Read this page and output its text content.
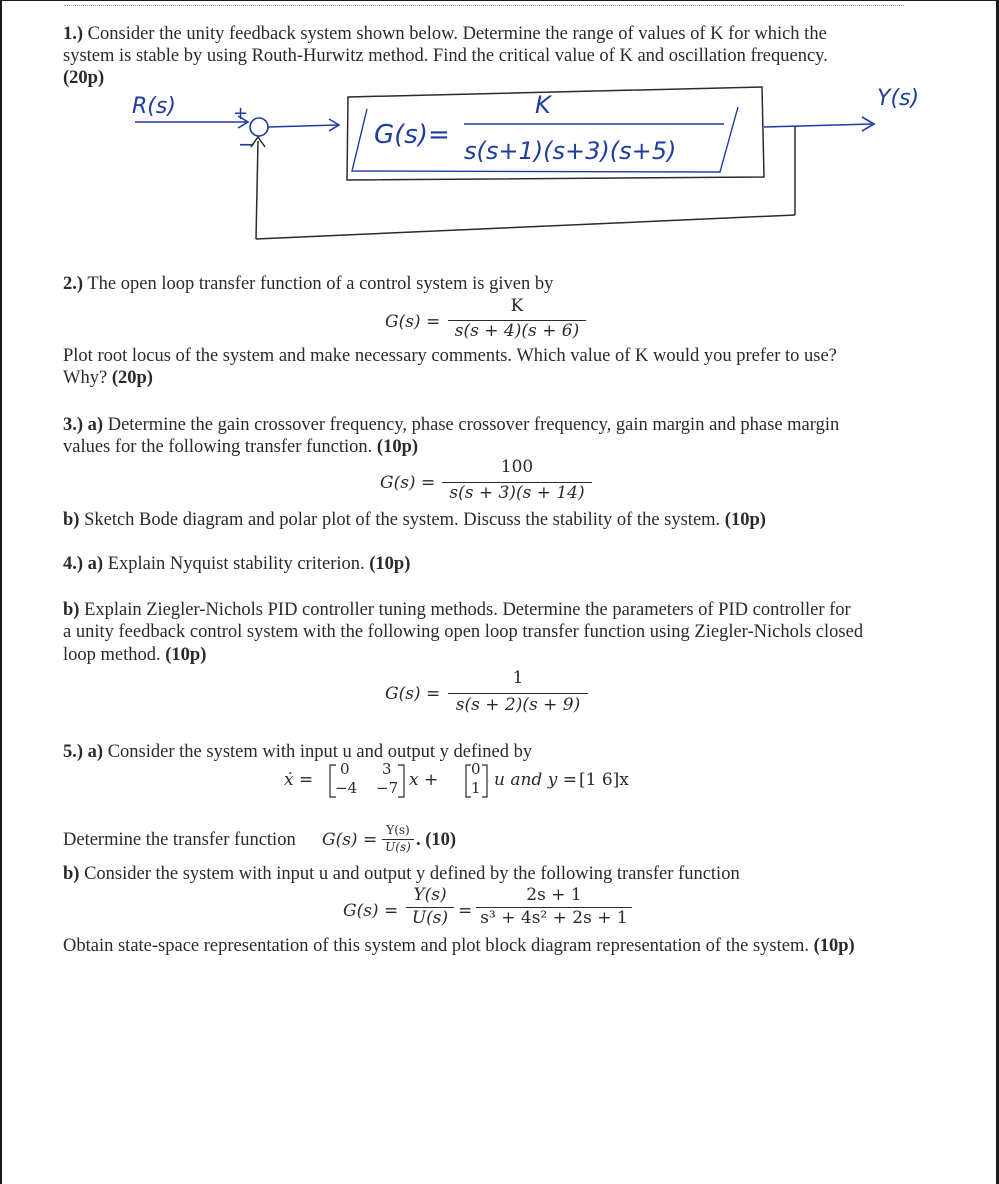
1.) Consider the unity feedback system shown below. Determine the range of values of K for which the
system is stable by using Routh-Hurwitz method. Find the critical value of K and oscillation frequency.
(20p)
R(s)	+
−	G(s)=
K
s(s+1)(s+3)(s+5)
Y(s)
2.) The open loop transfer function of a control system is given by
G(s) =
K
s(s + 4)(s + 6)
Plot root locus of the system and make necessary comments. Which value of K would you prefer to use?
Why? (20p)
3.) a) Determine the gain crossover frequency, phase crossover frequency, gain margin and phase margin
values for the following transfer function. (10p)
G(s) =
100
s(s + 3)(s + 14)
b) Sketch Bode diagram and polar plot of the system. Discuss the stability of the system. (10p)
4.) a) Explain Nyquist stability criterion. (10p)
b) Explain Ziegler-Nichols PID controller tuning methods. Determine the parameters of PID controller for
a unity feedback control system with the following open loop transfer function using Ziegler-Nichols closed
loop method. (10p)
G(s) =
1
s(s + 2)(s + 9)
5.) a) Consider the system with input u and output y defined by
ẋ =
0 3
−4 −7 x +
0
1 u and y = [1 6]x
Determine the transfer function G(s) = Y(s)
U(s) . (10)
b) Consider the system with input u and output y defined by the following transfer function
G(s) =
Y(s)
U(s) =
2s + 1
s³ + 4s² + 2s + 1
Obtain state-space representation of this system and plot block diagram representation of the system. (10p)
